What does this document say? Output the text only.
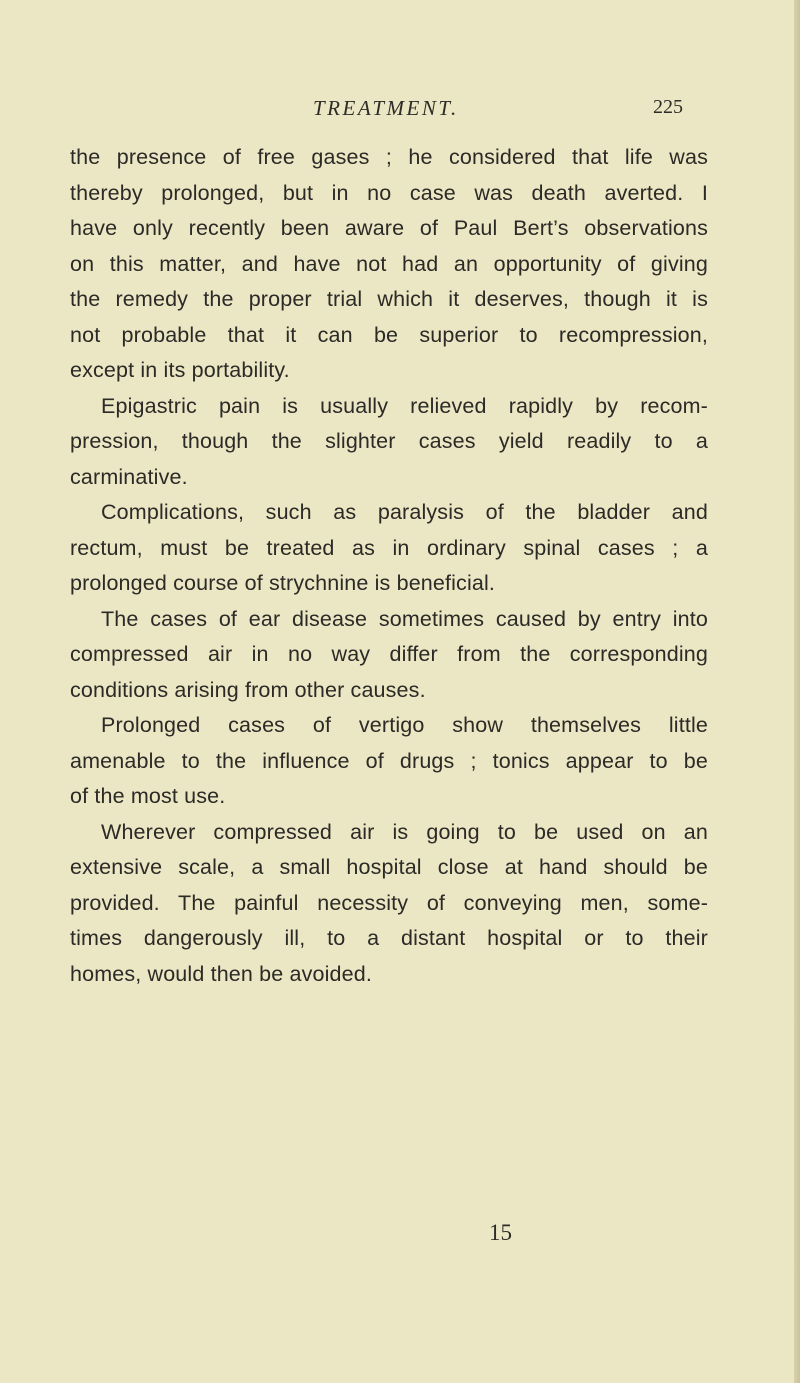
TREATMENT.	225
the presence of free gases ; he considered that life was
thereby prolonged, but in no case was death averted. I
have only recently been aware of Paul Bert’s observations
on this matter, and have not had an opportunity of giving
the remedy the proper trial which it deserves, though it is
not probable that it can be superior to recompression,
except in its portability.
Epigastric pain is usually relieved rapidly by recom-
pression, though the slighter cases yield readily to a
carminative.
Complications, such as paralysis of the bladder and
rectum, must be treated as in ordinary spinal cases ; a
prolonged course of strychnine is beneficial.
The cases of ear disease sometimes caused by entry into
compressed air in no way differ from the corresponding
conditions arising from other causes.
Prolonged cases of vertigo show themselves little
amenable to the influence of drugs ; tonics appear to be
of the most use.
Wherever compressed air is going to be used on an
extensive scale, a small hospital close at hand should be
provided. The painful necessity of conveying men, some-
times dangerously ill, to a distant hospital or to their
homes, would then be avoided.
15
